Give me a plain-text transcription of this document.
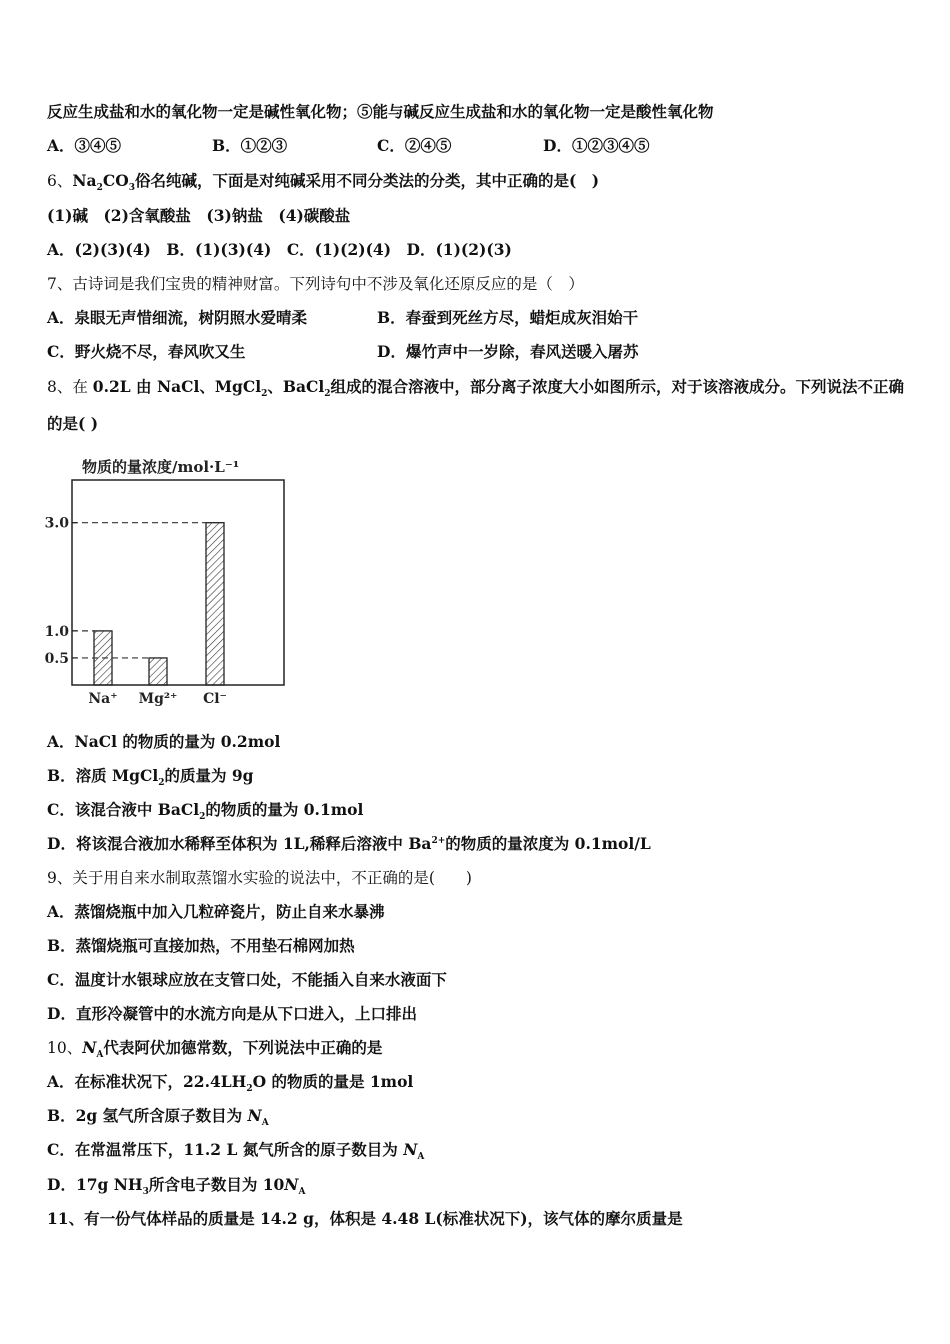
反应生成盐和水的氧化物一定是碱性氧化物；⑤能与碱反应生成盐和水的氧化物一定是酸性氧化物
A．③④⑤	B．①②③	C．②④⑤	D．①②③④⑤
6、$Na_2CO_3$俗名纯碱，下面是对纯碱采用不同分类法的分类，其中正确的是(　)
(1)碱　(2)含氧酸盐　(3)钠盐　(4)碳酸盐
A．(2)(3)(4)　B．(1)(3)(4)　C．(1)(2)(4)　D．(1)(2)(3)
7、古诗词是我们宝贵的精神财富。下列诗句中不涉及氧化还原反应的是（　）
A．泉眼无声惜细流，树阴照水爱晴柔	B．春蚕到死丝方尽，蜡炬成灰泪始干
C．野火烧不尽，春风吹又生	D．爆竹声中一岁除，春风送暖入屠苏
8、在 0.2L 由 NaCl、MgCl$_2$、BaCl$_2$组成的混合溶液中，部分离子浓度大小如图所示，对于该溶液成分。下列说法不正确
的是( )
物质的量浓度/mol·L⁻¹
Na⁺ Mg²⁺ Cl⁻
3.0
1.0
0.5
A．NaCl 的物质的量为 0.2mol
B．溶质 MgCl$_2$的质量为 9g
C．该混合液中 BaCl$_2$的物质的量为 0.1mol
D．将该混合液加水稀释至体积为 1L,稀释后溶液中 $Ba^{2+}$的物质的量浓度为 0.1mol/L
9、关于用自来水制取蒸馏水实验的说法中，不正确的是(　　)
A．蒸馏烧瓶中加入几粒碎瓷片，防止自来水暴沸
B．蒸馏烧瓶可直接加热，不用垫石棉网加热
C．温度计水银球应放在支管口处，不能插入自来水液面下
D．直形冷凝管中的水流方向是从下口进入，上口排出
10、$N_A$代表阿伏加德常数，下列说法中正确的是
A．在标准状况下，$22.4LH_2O$ 的物质的量是 1mol
B．2g 氢气所含原子数目为 $N_A$
C．在常温常压下，11.2 L 氮气所含的原子数目为 $N_A$
D．17g $NH_3$所含电子数目为 $10N_A$
11、有一份气体样品的质量是 14.2 g，体积是 4.48 L(标准状况下)，该气体的摩尔质量是
